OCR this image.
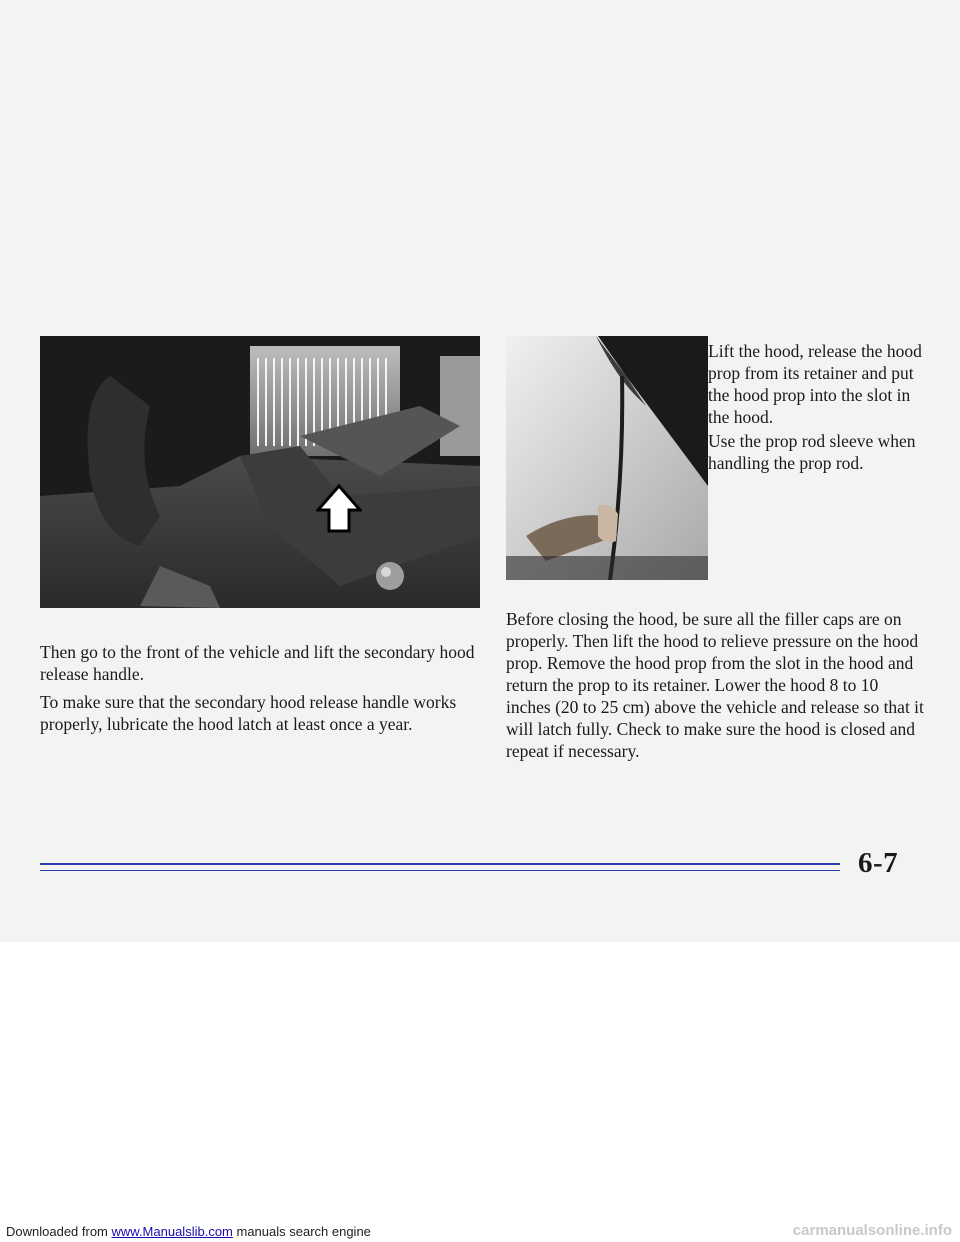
Lift the hood, release the hood prop from its retainer and put the hood prop into the slot in the hood.

Use the prop rod sleeve when handling the prop rod.

Before closing the hood, be sure all the filler caps are on properly. Then lift the hood to relieve pressure on the hood prop. Remove the hood prop from the slot in the hood and return the prop to its retainer. Lower the hood 8 to 10 inches (20 to 25 cm) above the vehicle and release so that it will latch fully. Check to make sure the hood is closed and repeat if necessary.

Then go to the front of the vehicle and lift the secondary hood release handle.

To make sure that the secondary hood release handle works properly, lubricate the hood latch at least once a year.

6-7
Downloaded from www.Manualslib.com manuals search engine	carmanualsonline.info
